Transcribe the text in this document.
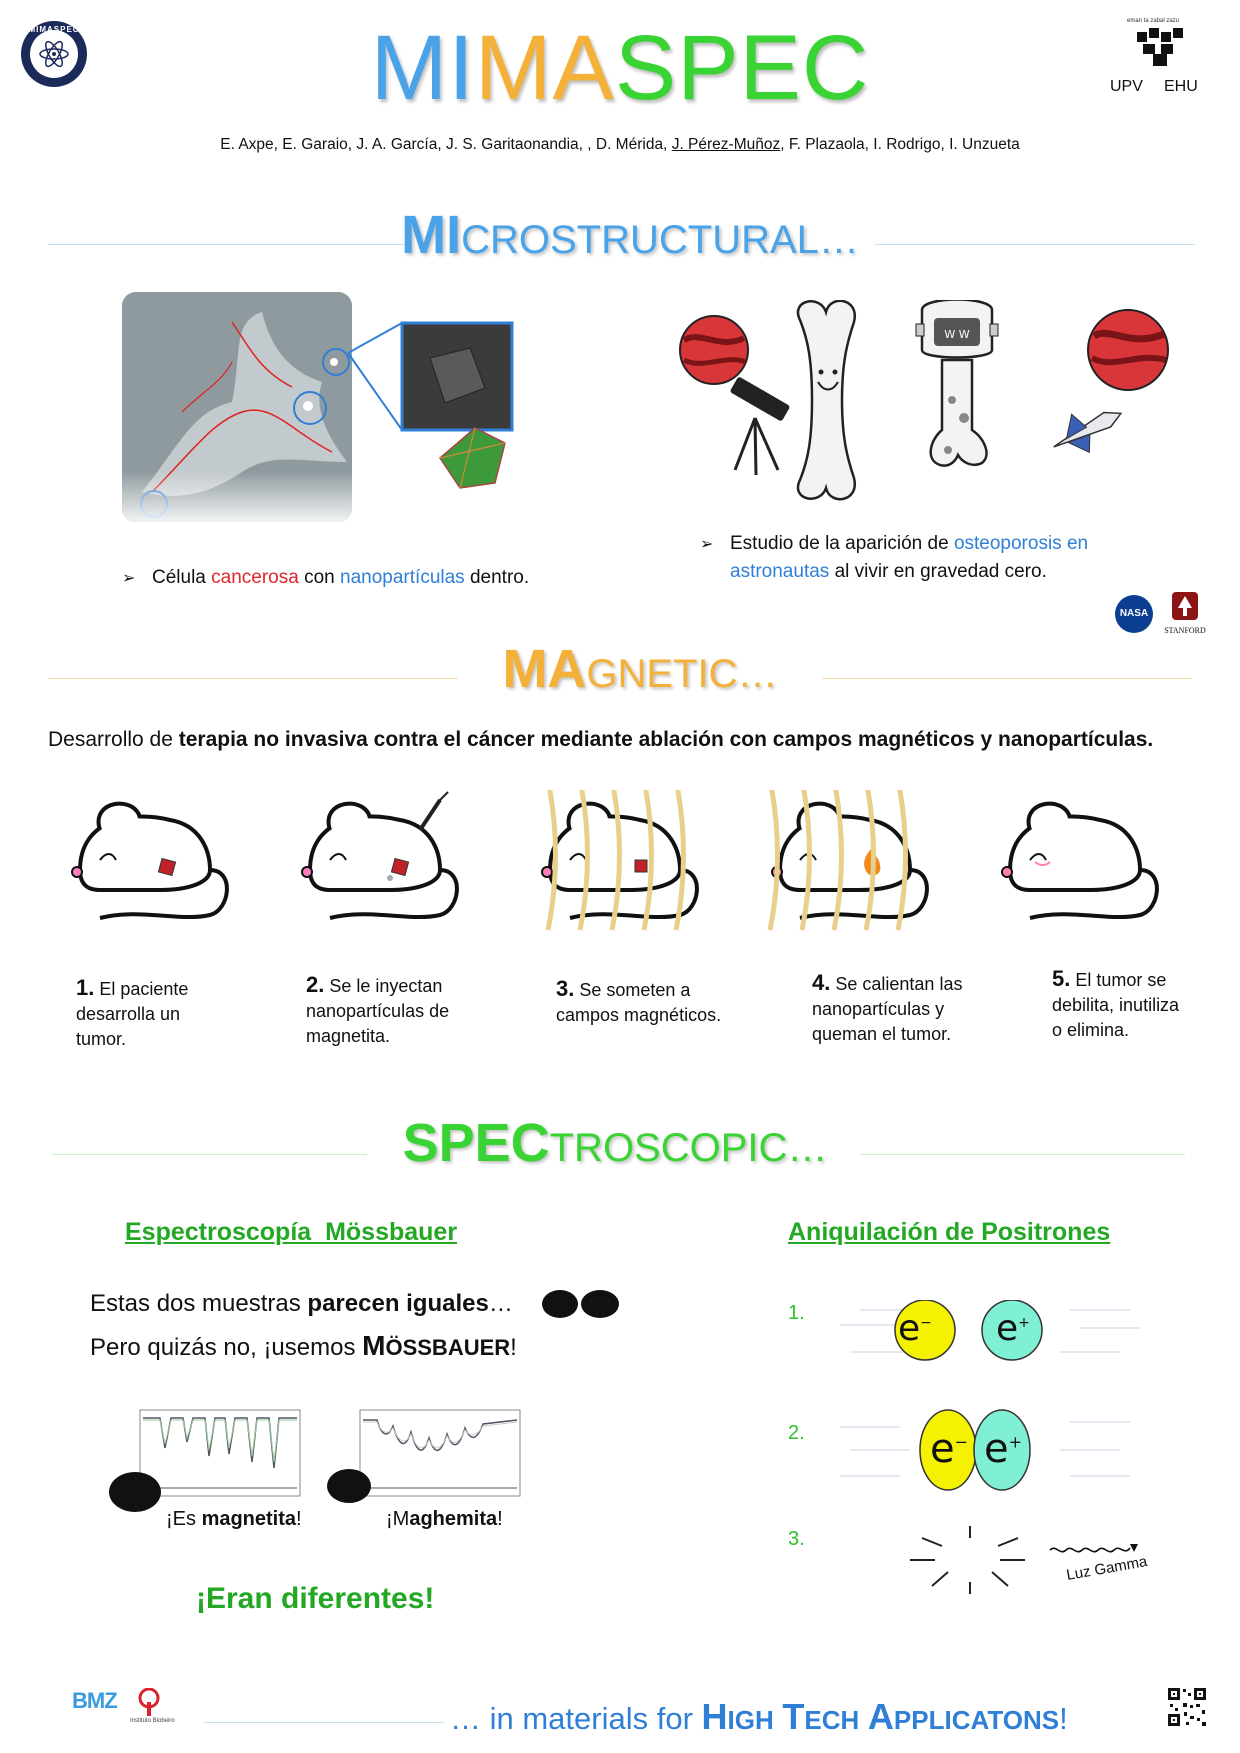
MIMASPEC	MIMASPEC	eman ta zabal zazu
UPV EHU
E. Axpe, E. Garaio, J. A. García, J. S. Garitaonandia, , D. Mérida, J. Pérez-Muñoz, F. Plazaola, I. Rodrigo, I. Unzueta
MICROSTRUCTURAL…
➢ Célula cancerosa con nanopartículas dentro.
W W
➢ Estudio de la aparición de osteoporosis en
astronautas al vivir en gravedad cero.
NASA
STANFORD
MAGNETIC…
Desarrollo de terapia no invasiva contra el cáncer mediante ablación con campos magnéticos y nanopartículas.
1. El paciente
desarrolla un
tumor.
2. Se le inyectan
nanopartículas de
magnetita.
3. Se someten a
campos magnéticos.
4. Se calientan las
nanopartículas y
queman el tumor.
5. El tumor se
debilita, inutiliza
o elimina.
SPECTROSCOPIC…
Espectroscopía  Mössbauer
Estas dos muestras parecen iguales…
Pero quizás no, ¡usemos MÖSSBAUER!
¡Es magnetita!	¡Maghemita!
¡Eran diferentes!
Aniquilación de Positrones
1.
2.
3.
e− e+
e− e+
Luz Gamma
BMZ
Instituto Biobeiro	… in materials for HIGH TECH APPLICATONS!
